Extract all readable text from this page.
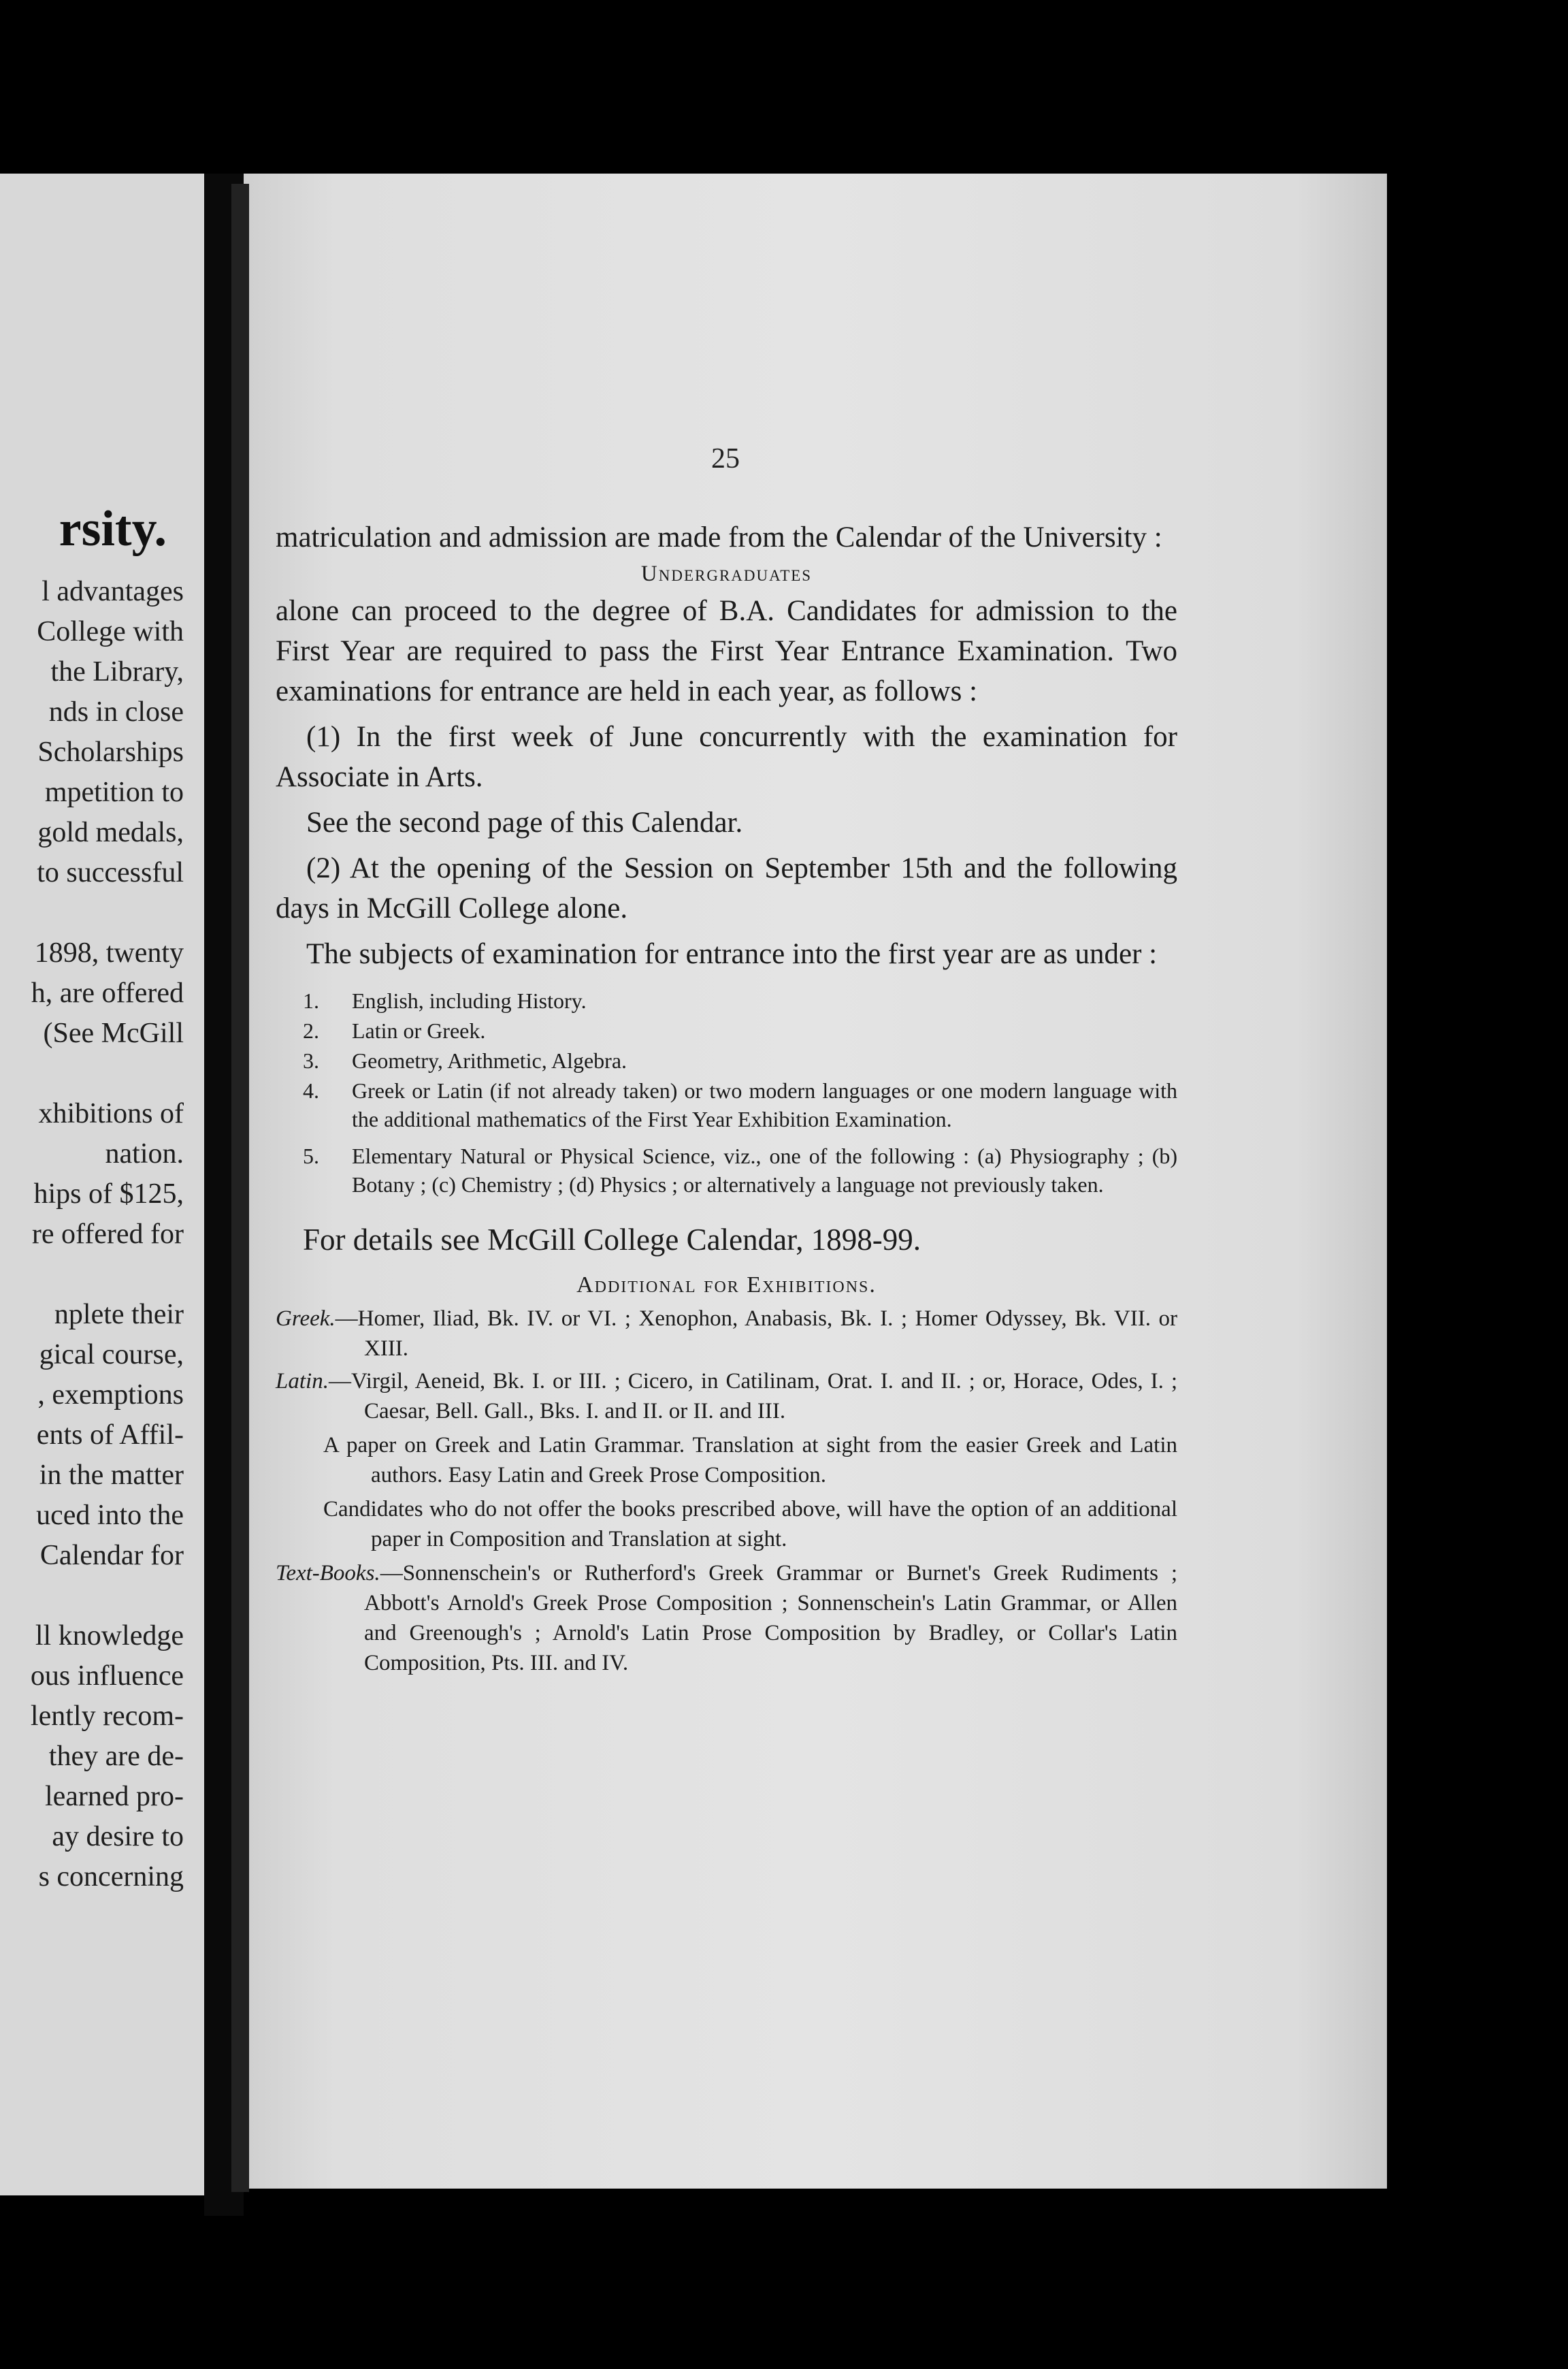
rsity.
l advantages
College with
the Library,
nds in close
Scholarships
mpetition to
gold medals,
to successful

1898, twenty
h, are offered
(See McGill

xhibitions of
nation.
hips of $125,
re offered for

nplete their
gical course,
, exemptions
ents of Affil-
in the matter
uced into the
Calendar for

ll knowledge
ous influence
lently recom-
they are de-
learned pro-
ay desire to
s concerning
25

matriculation and admission are made from the Calendar of the University :

Undergraduates

alone can proceed to the degree of B.A. Candidates for admission to the First Year are required to pass the First Year Entrance Examination. Two examinations for entrance are held in each year, as follows :

(1) In the first week of June concurrently with the examination for Associate in Arts.

See the second page of this Calendar.

(2) At the opening of the Session on September 15th and the following days in McGill College alone.

The subjects of examination for entrance into the first year are as under :

1. English, including History.
2. Latin or Greek.
3. Geometry, Arithmetic, Algebra.
4. Greek or Latin (if not already taken) or two modern languages or one modern language with the additional mathematics of the First Year Exhibition Examination.
5. Elementary Natural or Physical Science, viz., one of the following : (a) Physiography ; (b) Botany ; (c) Chemistry ; (d) Physics ; or alternatively a language not previously taken.
For details see McGill College Calendar, 1898-99.
Additional for Exhibitions.
Greek.—Homer, Iliad, Bk. IV. or VI. ; Xenophon, Anabasis, Bk. I. ; Homer Odyssey, Bk. VII. or XIII.
Latin.—Virgil, Aeneid, Bk. I. or III. ; Cicero, in Catilinam, Orat. I. and II. ; or, Horace, Odes, I. ; Caesar, Bell. Gall., Bks. I. and II. or II. and III.
A paper on Greek and Latin Grammar. Translation at sight from the easier Greek and Latin authors. Easy Latin and Greek Prose Composition.
Candidates who do not offer the books prescribed above, will have the option of an additional paper in Composition and Translation at sight.
Text-Books.—Sonnenschein's or Rutherford's Greek Grammar or Burnet's Greek Rudiments ; Abbott's Arnold's Greek Prose Composition ; Sonnenschein's Latin Grammar, or Allen and Greenough's ; Arnold's Latin Prose Composition by Bradley, or Collar's Latin Composition, Pts. III. and IV.
